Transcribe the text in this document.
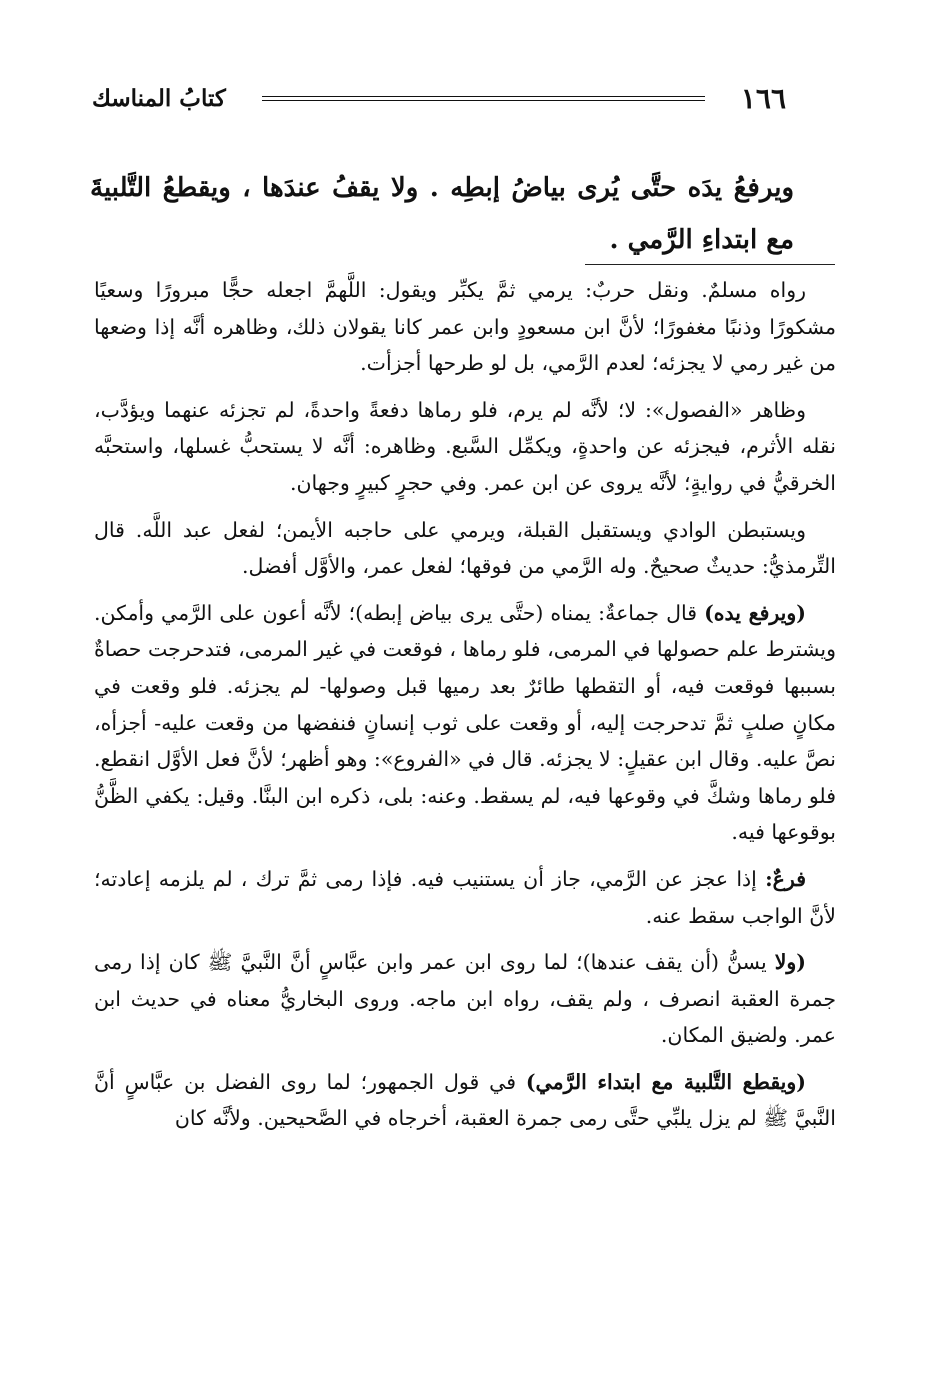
١٦٦
كتابُ المناسك
ويرفعُ يدَه حتَّى يُرى بياضُ إبطِه . ولا يقفُ عندَها ، ويقطعُ التَّلبيةَ مع ابتداءِ الرَّمي .

رواه مسلمٌ. ونقل حربٌ: يرمي ثمَّ يكبِّر ويقول: اللَّهمَّ اجعله حجًّا مبرورًا وسعيًا مشكورًا وذنبًا مغفورًا؛ لأنَّ ابن مسعودٍ وابن عمر كانا يقولان ذلك، وظاهره أنَّه إذا وضعها من غير رمي لا يجزئه؛ لعدم الرَّمي، بل لو طرحها أجزأت.

وظاهر «الفصول»: لا؛ لأنَّه لم يرم، فلو رماها دفعةً واحدةً، لم تجزئه عنهما ويؤدَّب، نقله الأثرم، فيجزئه عن واحدةٍ، ويكمِّل السَّبع. وظاهره: أنَّه لا يستحبُّ غسلها، واستحبَّه الخرقيُّ في روايةٍ؛ لأنَّه يروى عن ابن عمر. وفي حجرٍ كبيرٍ وجهان.

ويستبطن الوادي ويستقبل القبلة، ويرمي على حاجبه الأيمن؛ لفعل عبد اللَّه. قال التِّرمذيُّ: حديثٌ صحيحٌ. وله الرَّمي من فوقها؛ لفعل عمر، والأوَّل أفضل.

(ويرفع يده) قال جماعةٌ: يمناه (حتَّى يرى بياض إبطه)؛ لأنَّه أعون على الرَّمي وأمكن. ويشترط علم حصولها في المرمى، فلو رماها ، فوقعت في غير المرمى، فتدحرجت حصاةٌ بسببها فوقعت فيه، أو التقطها طائرٌ بعد رميها قبل وصولها- لم يجزئه. فلو وقعت في مكانٍ صلبٍ ثمَّ تدحرجت إليه، أو وقعت على ثوب إنسانٍ فنفضها من وقعت عليه- أجزأه، نصَّ عليه. وقال ابن عقيلٍ: لا يجزئه. قال في «الفروع»: وهو أظهر؛ لأنَّ فعل الأوَّل انقطع. فلو رماها وشكَّ في وقوعها فيه، لم يسقط. وعنه: بلى، ذكره ابن البنَّا. وقيل: يكفي الظَّنُّ بوقوعها فيه.

فرعٌ: إذا عجز عن الرَّمي، جاز أن يستنيب فيه. فإذا رمى ثمَّ ترك ، لم يلزمه إعادته؛ لأنَّ الواجب سقط عنه.

(ولا يسنُّ (أن يقف عندها)؛ لما روى ابن عمر وابن عبَّاسٍ أنَّ النَّبيَّ ﷺ كان إذا رمى جمرة العقبة انصرف ، ولم يقف، رواه ابن ماجه. وروى البخاريُّ معناه في حديث ابن عمر. ولضيق المكان.

(ويقطع التَّلبية مع ابتداء الرَّمي) في قول الجمهور؛ لما روى الفضل بن عبَّاسٍ أنَّ النَّبيَّ ﷺ لم يزل يلبِّي حتَّى رمى جمرة العقبة، أخرجاه في الصَّحيحين. ولأنَّه كان
